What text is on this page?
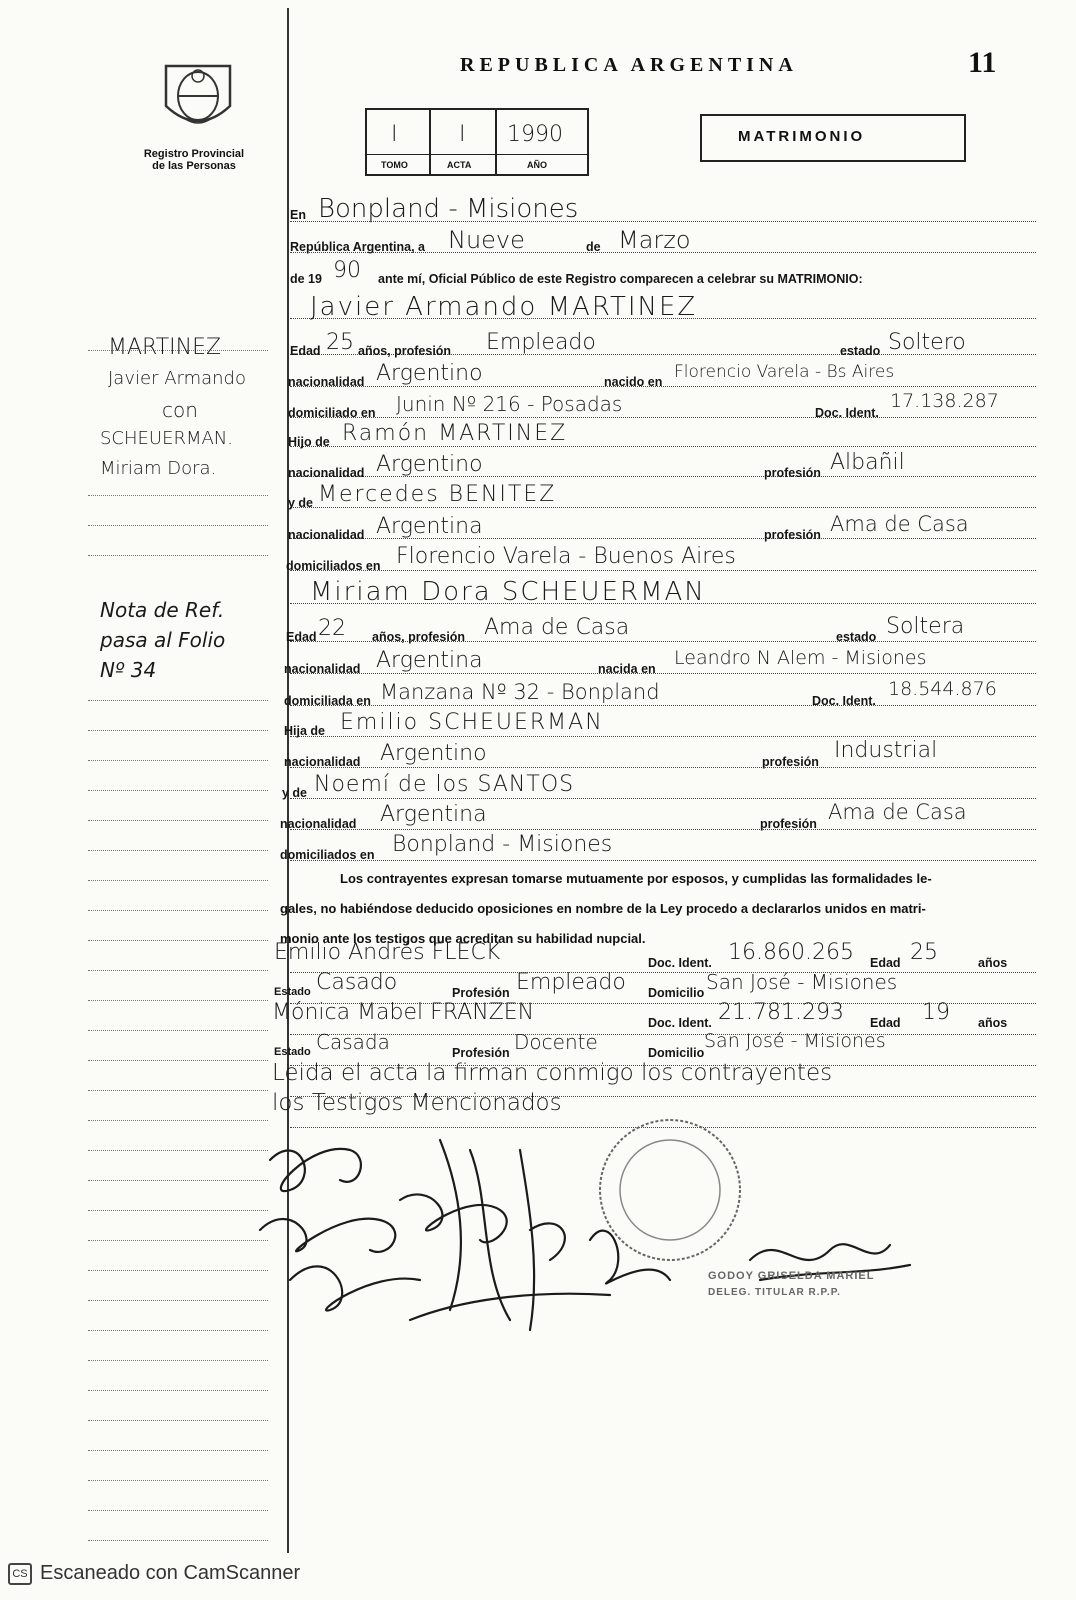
Registro Provincial
de las Personas
REPUBLICA ARGENTINA	11
I	I 1990
TOMO	ACTA	AÑO
MATRIMONIO
MARTINEZ
Javier Armando
con
SCHEUERMAN.
Miriam Dora.
Nota de Ref.
pasa al Folio
Nº 34
En Bonpland - Misiones
República Argentina, a Nueve	de Marzo
de 19 90 ante mí, Oficial Público de este Registro comparecen a celebrar su MATRIMONIO:
Javier Armando MARTINEZ
Edad 25 años, profesión Empleado	estado Soltero
nacionalidad Argentino	nacido en Florencio Varela - Bs Aires
domiciliado en Junin Nº 216 - Posadas	Doc. Ident.
17.138.287
Hijo de Ramón MARTINEZ
nacionalidad Argentino	profesión Albañil
y de Mercedes BENITEZ
nacionalidad Argentina	profesión Ama de Casa
domiciliados en Florencio Varela - Buenos Aires
Miriam Dora SCHEUERMAN
Edad 22 años, profesión Ama de Casa	estado Soltera
nacionalidad Argentina	nacida en Leandro N Alem - Misiones
domiciliada en Manzana Nº 32 - Bonpland	Doc. Ident.
18.544.876
Hija de Emilio SCHEUERMAN
nacionalidad Argentino	profesión Industrial
y de Noemí de los SANTOS
nacionalidad Argentina	profesión Ama de Casa
domiciliados en Bonpland - Misiones
Los contrayentes expresan tomarse mutuamente por esposos, y cumplidas las formalidades le-
gales, no habiéndose deducido oposiciones en nombre de la Ley procedo a declararlos unidos en matri-
monio ante los testigos que acreditan su habilidad nupcial.
Emilio Andrés FLECK	Doc. Ident. 16.860.265 Edad 25	años
Estado Casado	Profesión Empleado Domicilio San José - Misiones
Mónica Mabel FRANZEN	Doc. Ident. 21.781.293 Edad 19 años
Estado Casada	Profesión Docente	Domicilio
San José - Misiones
Leida el acta la firman conmigo los contrayentes
los Testigos Mencionados
GODOY GRISELDA MARIEL
DELEG. TITULAR R.P.P.
CS Escaneado con CamScanner
